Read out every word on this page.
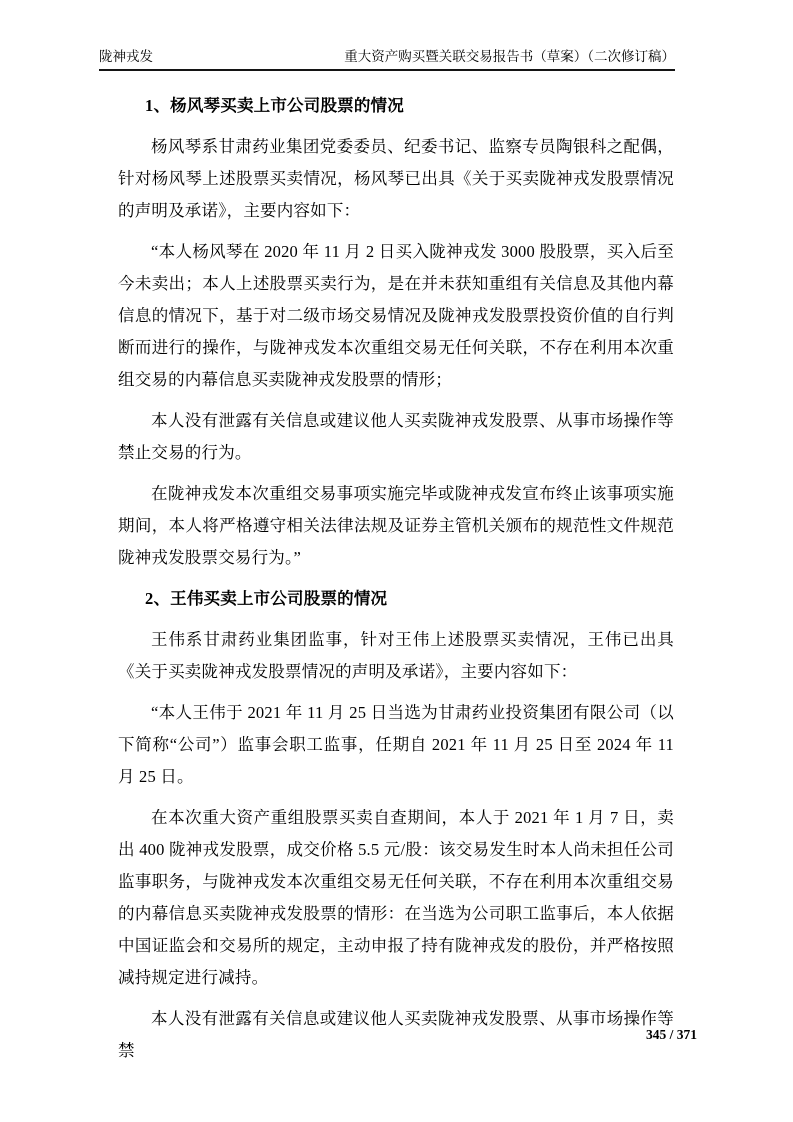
陇神戎发	重大资产购买暨关联交易报告书（草案）（二次修订稿）
1、杨风琴买卖上市公司股票的情况

杨风琴系甘肃药业集团党委委员、纪委书记、监察专员陶银科之配偶，针对杨风琴上述股票买卖情况，杨风琴已出具《关于买卖陇神戎发股票情况的声明及承诺》，主要内容如下：

“本人杨风琴在 2020 年 11 月 2 日买入陇神戎发 3000 股股票，买入后至今未卖出；本人上述股票买卖行为，是在并未获知重组有关信息及其他内幕信息的情况下，基于对二级市场交易情况及陇神戎发股票投资价值的自行判断而进行的操作，与陇神戎发本次重组交易无任何关联，不存在利用本次重组交易的内幕信息买卖陇神戎发股票的情形；

本人没有泄露有关信息或建议他人买卖陇神戎发股票、从事市场操作等禁止交易的行为。

在陇神戎发本次重组交易事项实施完毕或陇神戎发宣布终止该事项实施期间，本人将严格遵守相关法律法规及证券主管机关颁布的规范性文件规范陇神戎发股票交易行为。”

2、王伟买卖上市公司股票的情况

王伟系甘肃药业集团监事，针对王伟上述股票买卖情况，王伟已出具《关于买卖陇神戎发股票情况的声明及承诺》，主要内容如下：

“本人王伟于 2021 年 11 月 25 日当选为甘肃药业投资集团有限公司（以下简称“公司”）监事会职工监事，任期自 2021 年 11 月 25 日至 2024 年 11 月 25 日。

在本次重大资产重组股票买卖自查期间，本人于 2021 年 1 月 7 日，卖出 400 陇神戎发股票，成交价格 5.5 元/股：该交易发生时本人尚未担任公司监事职务，与陇神戎发本次重组交易无任何关联，不存在利用本次重组交易的内幕信息买卖陇神戎发股票的情形：在当选为公司职工监事后，本人依据中国证监会和交易所的规定，主动申报了持有陇神戎发的股份，并严格按照减持规定进行减持。

本人没有泄露有关信息或建议他人买卖陇神戎发股票、从事市场操作等禁

345 / 371
